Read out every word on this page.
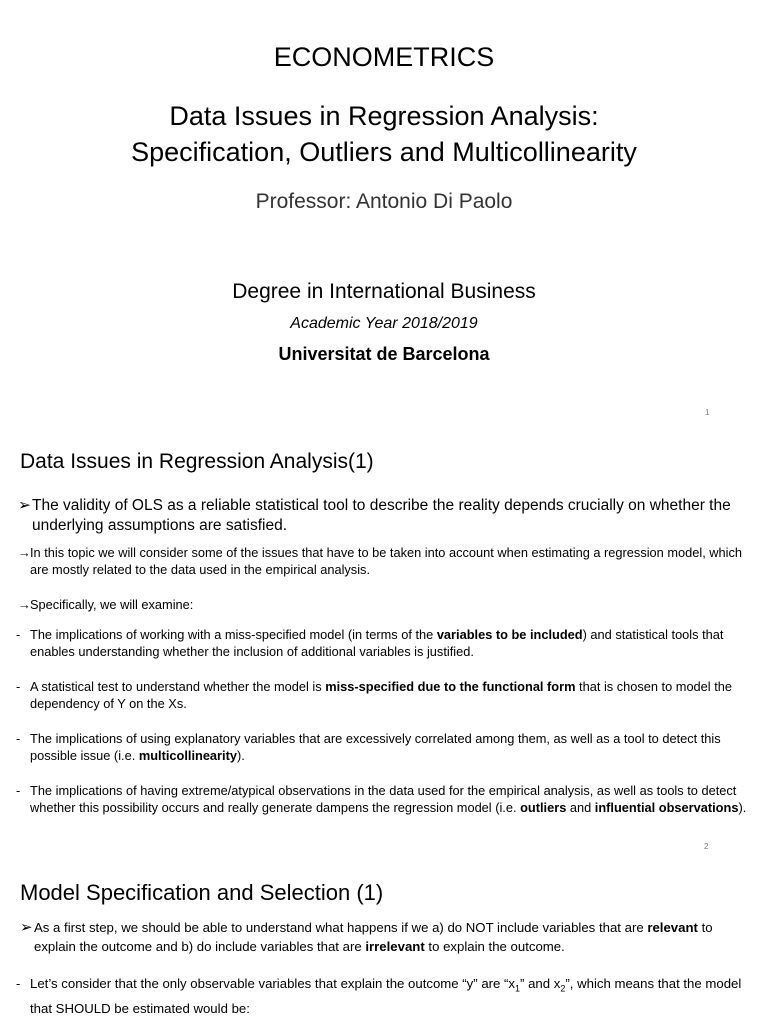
ECONOMETRICS
Data Issues in Regression Analysis:
Specification, Outliers and Multicollinearity
Professor: Antonio Di Paolo
Degree in International Business
Academic Year 2018/2019
Universitat de Barcelona
1
Data Issues in Regression Analysis(1)
➢ The validity of OLS as a reliable statistical tool to describe the reality depends crucially on whether the underlying assumptions are satisfied.
→ In this topic we will consider some of the issues that have to be taken into account when estimating a regression model, which are mostly related to the data used in the empirical analysis.
→ Specifically, we will examine:
- The implications of working with a miss-specified model (in terms of the variables to be included) and statistical tools that enables understanding whether the inclusion of additional variables is justified.
- A statistical test to understand whether the model is miss-specified due to the functional form that is chosen to model the dependency of Y on the Xs.
- The implications of using explanatory variables that are excessively correlated among them, as well as a tool to detect this possible issue (i.e. multicollinearity).
- The implications of having extreme/atypical observations in the data used for the empirical analysis, as well as tools to detect whether this possibility occurs and really generate dampens the regression model (i.e. outliers and influential observations).
2
Model Specification and Selection (1)
➢ As a first step, we should be able to understand what happens if we a) do NOT include variables that are relevant to explain the outcome and b) do include variables that are irrelevant to explain the outcome.
- Let’s consider that the only observable variables that explain the outcome “y” are “$x_1$” and $x_2$”, which means that the model that SHOULD be estimated would be:
